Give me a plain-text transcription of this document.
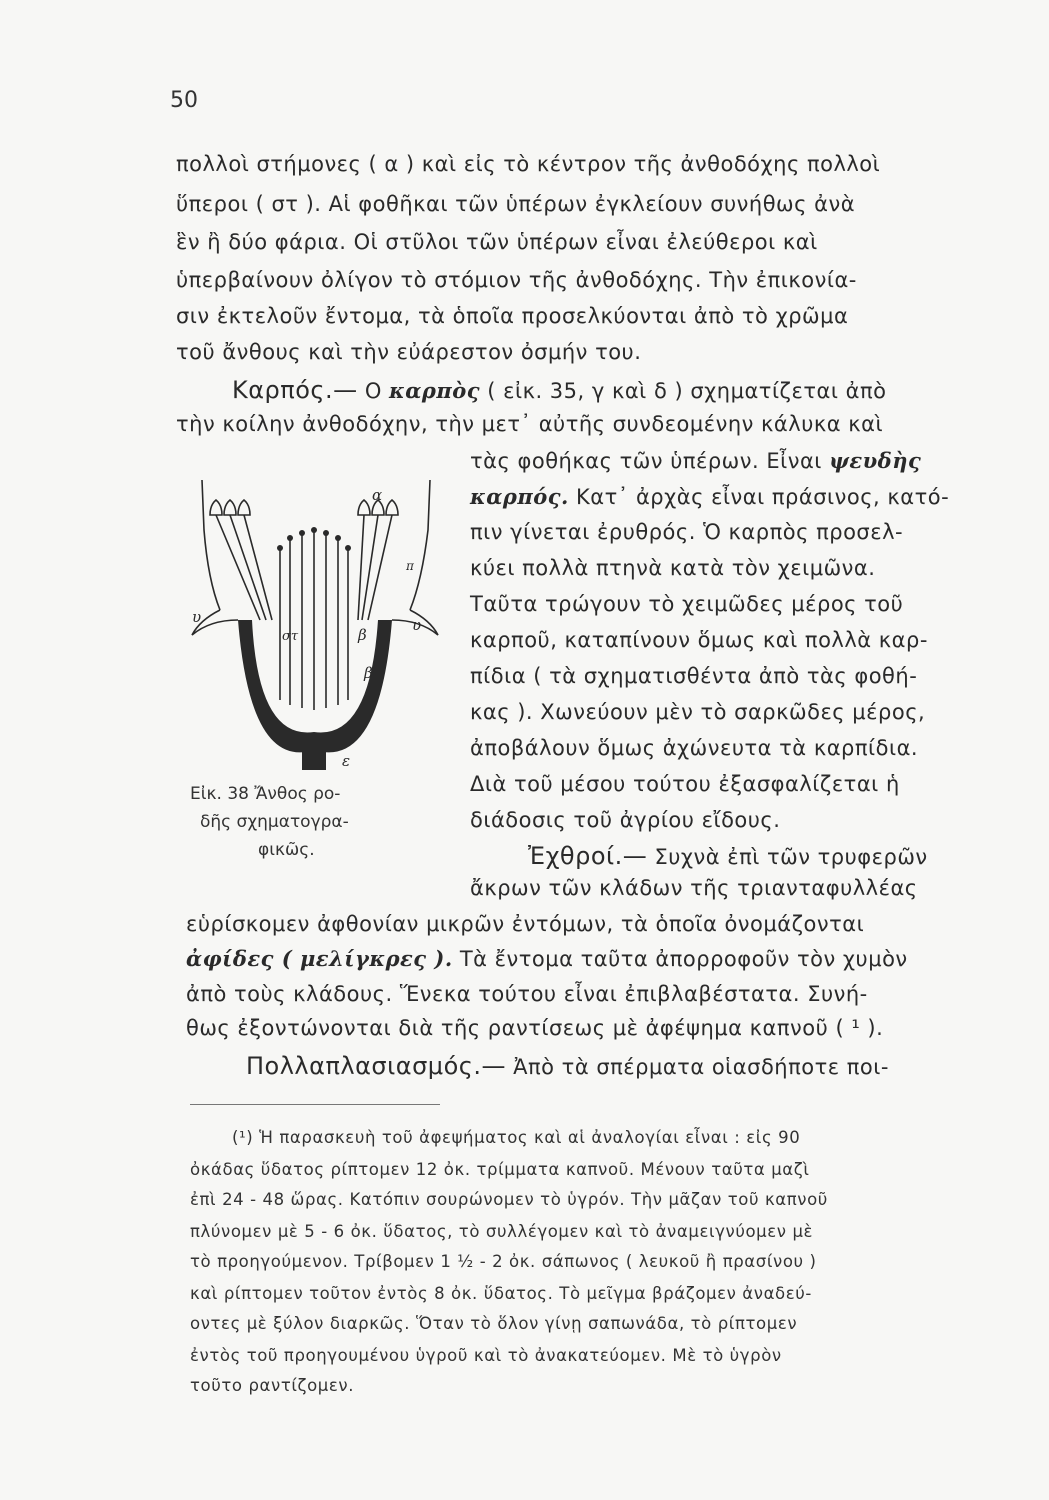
50
πολλοὶ στήμονες ( α ) καὶ εἰς τὸ κέντρον τῆς ἀνθοδόχης πολλοὶ
ὕπεροι ( στ ). Αἱ φοθῆκαι τῶν ὑπέρων ἐγκλείουν συνήθως ἀνὰ
ἓν ἢ δύο φάρια. Οἱ στῦλοι τῶν ὑπέρων εἶναι ἐλεύθεροι καὶ
ὑπερβαίνουν ὀλίγον τὸ στόμιον τῆς ἀνθοδόχης. Τὴν ἐπικονία-
σιν ἐκτελοῦν ἔντομα, τὰ ὁποῖα προσελκύονται ἀπὸ τὸ χρῶμα
τοῦ ἄνθους καὶ τὴν εὐάρεστον ὀσμήν του.
Καρπός.— Ο καρπὸς ( εἰκ. 35, γ καὶ δ ) σχηματίζεται ἀπὸ
τὴν κοίλην ἀνθοδόχην, τὴν μετ᾽ αὐτῆς συνδεομένην κάλυκα καὶ
τὰς φοθήκας τῶν ὑπέρων. Εἶναι ψευδὴς
καρπός. Κατ᾽ ἀρχὰς εἶναι πράσινος, κατό-
πιν γίνεται ἐρυθρός. Ὁ καρπὸς προσελ-
κύει πολλὰ πτηνὰ κατὰ τὸν χειμῶνα.
Ταῦτα τρώγουν τὸ χειμῶδες μέρος τοῦ
καρποῦ, καταπίνουν ὅμως καὶ πολλὰ καρ-
πίδια ( τὰ σχηματισθέντα ἀπὸ τὰς φοθή-
κας ). Χωνεύουν μὲν τὸ σαρκῶδες μέρος,
ἀποβάλουν ὅμως ἀχώνευτα τὰ καρπίδια.
Διὰ τοῦ μέσου τούτου ἐξασφαλίζεται ἡ
διάδοσις τοῦ ἀγρίου εἴδους.
α
π
υ	υ
στ	β
β
ε
Εἰκ. 38 Ἄνθος ρο-
δῆς σχηματογρα-
φικῶς.	Ἐχθροί.— Συχνὰ ἐπὶ τῶν τρυφερῶν
ἄκρων τῶν κλάδων τῆς τριανταφυλλέας
εὑρίσκομεν ἀφθονίαν μικρῶν ἐντόμων, τὰ ὁποῖα ὀνομάζονται
ἀφίδες ( μελίγκρες ). Τὰ ἔντομα ταῦτα ἀπορροφοῦν τὸν χυμὸν
ἀπὸ τοὺς κλάδους. Ἕνεκα τούτου εἶναι ἐπιβλαβέστατα. Συνή-
θως ἐξοντώνονται διὰ τῆς ραντίσεως μὲ ἀφέψημα καπνοῦ ( ¹ ).
Πολλαπλασιασμός.— Ἀπὸ τὰ σπέρματα οἱασδήποτε ποι-
(¹) Ἡ παρασκευὴ τοῦ ἀφεψήματος καὶ αἱ ἀναλογίαι εἶναι : εἰς 90
ὀκάδας ὕδατος ρίπτομεν 12 ὀκ. τρίμματα καπνοῦ. Μένουν ταῦτα μαζὶ
ἐπὶ 24 - 48 ὥρας. Κατόπιν σουρώνομεν τὸ ὑγρόν. Τὴν μᾶζαν τοῦ καπνοῦ
πλύνομεν μὲ 5 - 6 ὀκ. ὕδατος, τὸ συλλέγομεν καὶ τὸ ἀναμειγνύομεν μὲ
τὸ προηγούμενον. Τρίβομεν 1 ½ - 2 ὀκ. σάπωνος ( λευκοῦ ἢ πρασίνου )
καὶ ρίπτομεν τοῦτον ἐντὸς 8 ὀκ. ὕδατος. Τὸ μεῖγμα βράζομεν ἀναδεύ-
οντες μὲ ξύλον διαρκῶς. Ὅταν τὸ ὅλον γίνῃ σαπωνάδα, τὸ ρίπτομεν
ἐντὸς τοῦ προηγουμένου ὑγροῦ καὶ τὸ ἀνακατεύομεν. Μὲ τὸ ὑγρὸν
τοῦτο ραντίζομεν.
